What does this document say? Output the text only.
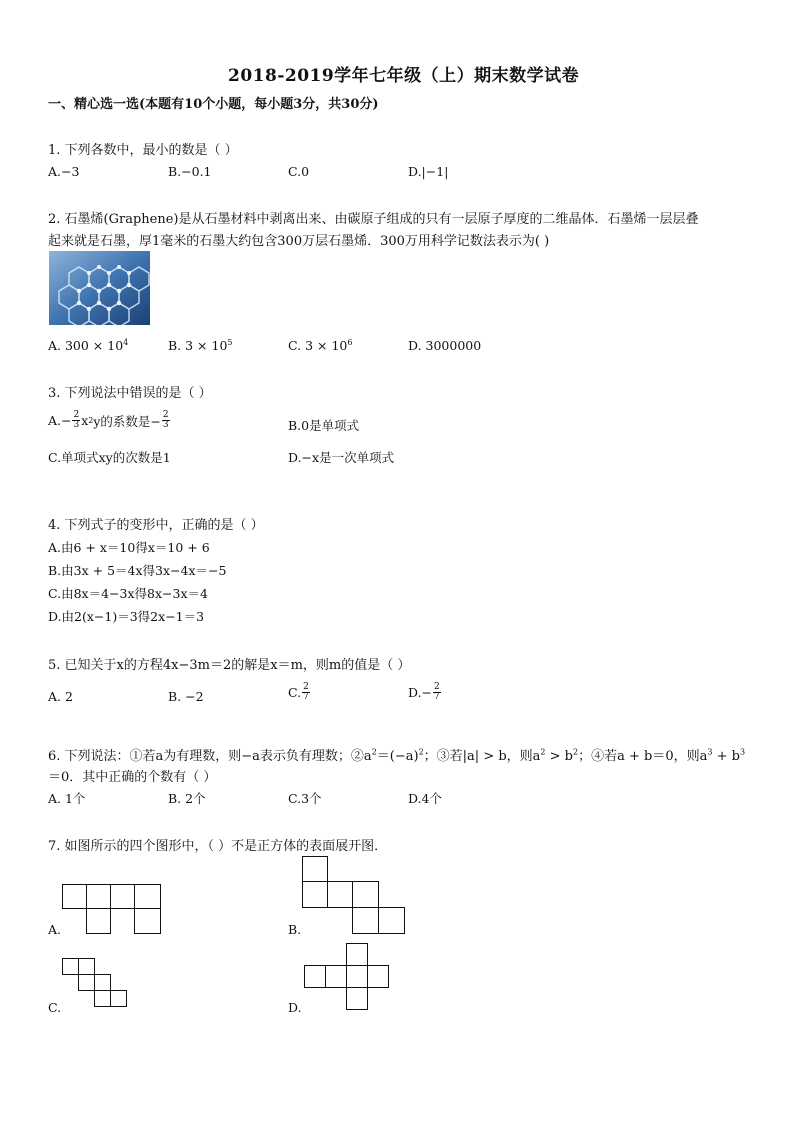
2018-2019学年七年级（上）期末数学试卷
一、精心选一选(本题有10个小题，每小题3分，共30分)
1. 下列各数中，最小的数是（ ）
A.−3	B.−0.1	C.0	D.|−1|
2. 石墨烯(Graphene)是从石墨材料中剥离出来、由碳原子组成的只有一层原子厚度的二维晶体．石墨烯一层层叠
起来就是石墨，厚1毫米的石墨大约包含300万层石墨烯．300万用科学记数法表示为( )
A. $300 \times 10^4$	B. $3 \times 10^5$	C. $3 \times 10^6$	D. 3000000
3. 下列说法中错误的是（ ）
$A.- \frac{2}{3}$ x 2 y的系数是− $\frac{2}{3}$	B.0是单项式
C.单项式xy的次数是1	D.−x是一次单项式
4. 下列式子的变形中，正确的是（ ）
A.由6 + x＝10得x＝10 + 6
B.由3x + 5＝4x得3x−4x＝−5
C.由8x＝4−3x得8x−3x＝4
D.由2(x−1)＝3得2x−1＝3
5. 已知关于x的方程4x−3m＝2的解是x＝m，则m的值是（ ）
A. 2	B. −2	C. $\frac{2}{7}$	$D.- \frac{2}{7}$
6. 下列说法：①若a为有理数，则−a表示负有理数；$②a^2=(-a)^2$；③若|a| > b，则$a^2 > b^2$；④若a + b＝0，则$a^3 + b^3$
＝0．其中正确的个数有（ ）
A. 1个	B. 2个	C.3个	D.4个
7. 如图所示的四个图形中，（ ）不是正方体的表面展开图．
A.	B.
C.	D.
